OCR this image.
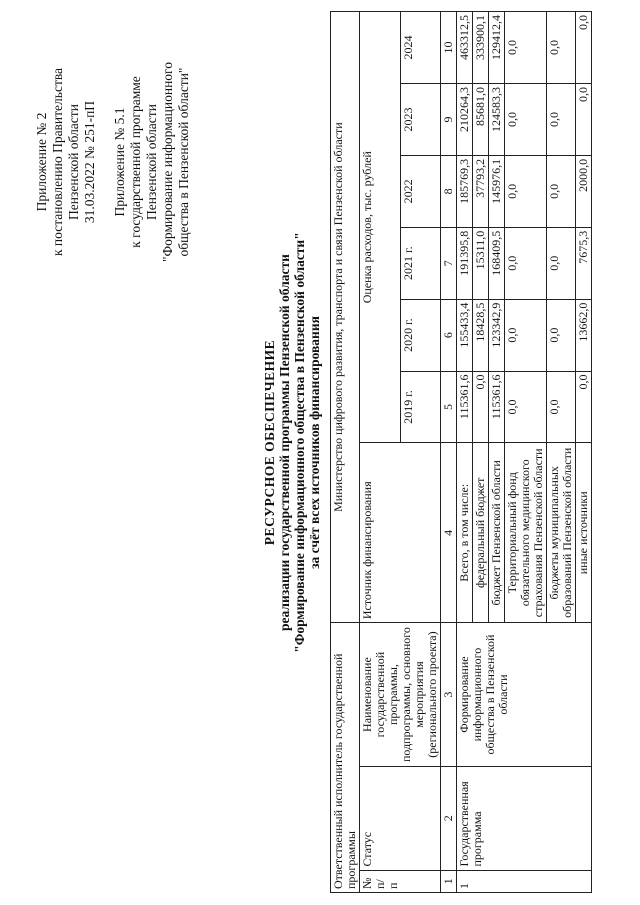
Приложение № 2 к постановлению Правительства Пензенской области 31.03.2022 № 251-пП Приложение № 5.1 к государственной программе Пензенской области "Формирование информационного общества в Пензенской области"
РЕСУРСНОЕ ОБЕСПЕЧЕНИЕ реализации государственной программы Пензенской области "Формирование информационного общества в Пензенской области" за счёт всех источников финансирования
Ответственный исполнитель государственной программы			Министерство цифрового развития, транспорта и связи Пензенской области						
№ п/п	Статус	Наименование государственной программы, подпрограммы, основного мероприятия (регионального проекта)	Источник финансирования	Оценка расходов, тыс. рублей					
				2019 г.	2020 г.	2021 г.	2022	2023	2024
1	2	3	4	5	6	7	8	9	10
1	Государственная программа	Формирование информационного общества в Пензенской области	Всего, в том числе:	115361,6	155433,4	191395,8	185769,3	210264,3	463312,5
			федеральный бюджет	0,0	18428,5	15311,0	37793,2	85681,0	333900,1
			бюджет Пензенской области	115361,6	123342,9	168409,5	145976,1	124583,3	129412,4
			Территориальный фонд обязательного медицинского страхования Пензенской области	0,0	0,0	0,0	0,0	0,0	0,0
			бюджеты муниципальных образований Пензенской области	0,0	0,0	0,0	0,0	0,0	0,0
			иные источники	0,0	13662,0	7675,3	2000,0	0,0	0,0
